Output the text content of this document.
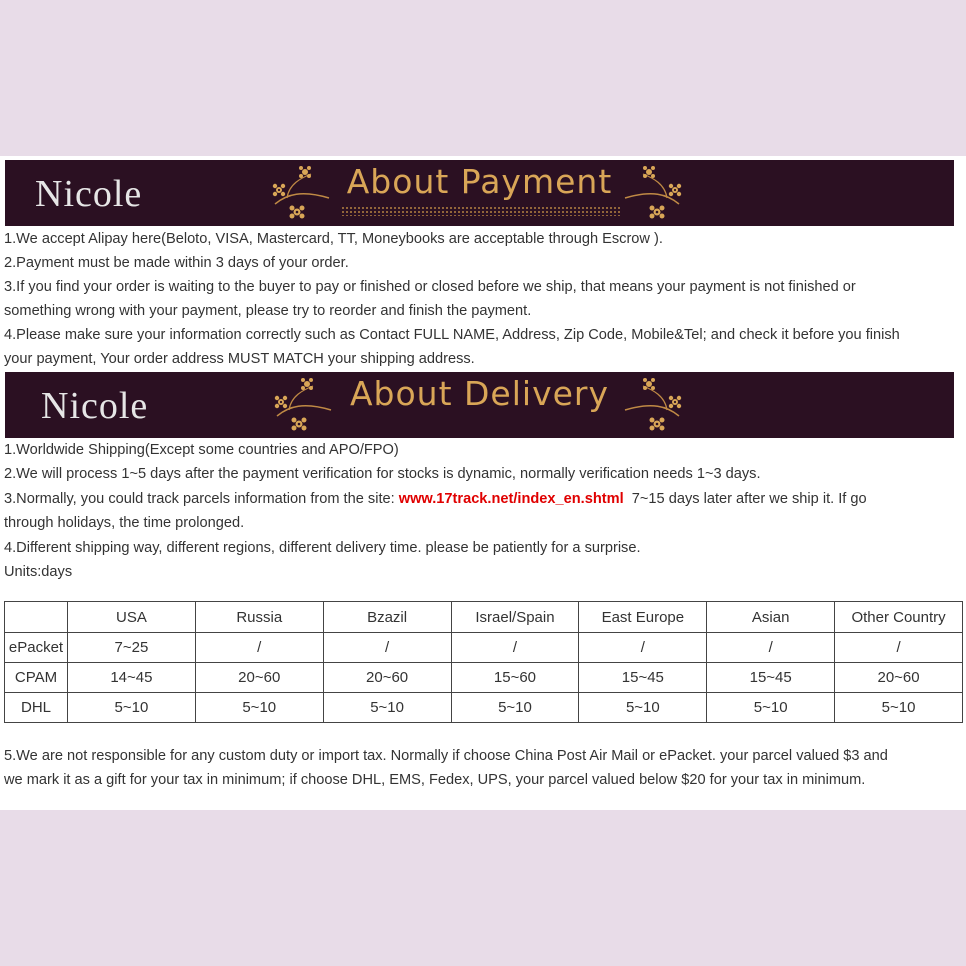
Nicole	About Payment
1.We accept Alipay here(Beloto, VISA, Mastercard, TT, Moneybooks are acceptable through Escrow ).
2.Payment must be made within 3 days of your order.
3.If you find your order is waiting to the buyer to pay or finished or closed before we ship, that means your payment is not finished or
something wrong with your payment, please try to reorder and finish the payment.
4.Please make sure your information correctly such as Contact FULL NAME, Address, Zip Code, Mobile&Tel; and check it before you finish
your payment, Your order address MUST MATCH your shipping address.
Nicole	About Delivery
1.Worldwide Shipping(Except some countries and APO/FPO)
2.We will process 1~5 days after the payment verification for stocks is dynamic, normally verification needs 1~3 days.
3.Normally, you could track parcels information from the site: www.17track.net/index_en.shtml  7~15 days later after we ship it. If go
through holidays, the time prolonged.
4.Different shipping way, different regions, different delivery time. please be patiently for a surprise.
Units:days
	USA	Russia	Bzazil	Israel/Spain	East Europe	Asian	Other Country
ePacket	7~25	/	/	/	/	/	/
CPAM	14~45	20~60	20~60	15~60	15~45	15~45	20~60
DHL	5~10	5~10	5~10	5~10	5~10	5~10	5~10
5.We are not responsible for any custom duty or import tax. Normally if choose China Post Air Mail or ePacket. your parcel valued $3 and
we mark it as a gift for your tax in minimum; if choose DHL, EMS, Fedex, UPS, your parcel valued below $20 for your tax in minimum.
